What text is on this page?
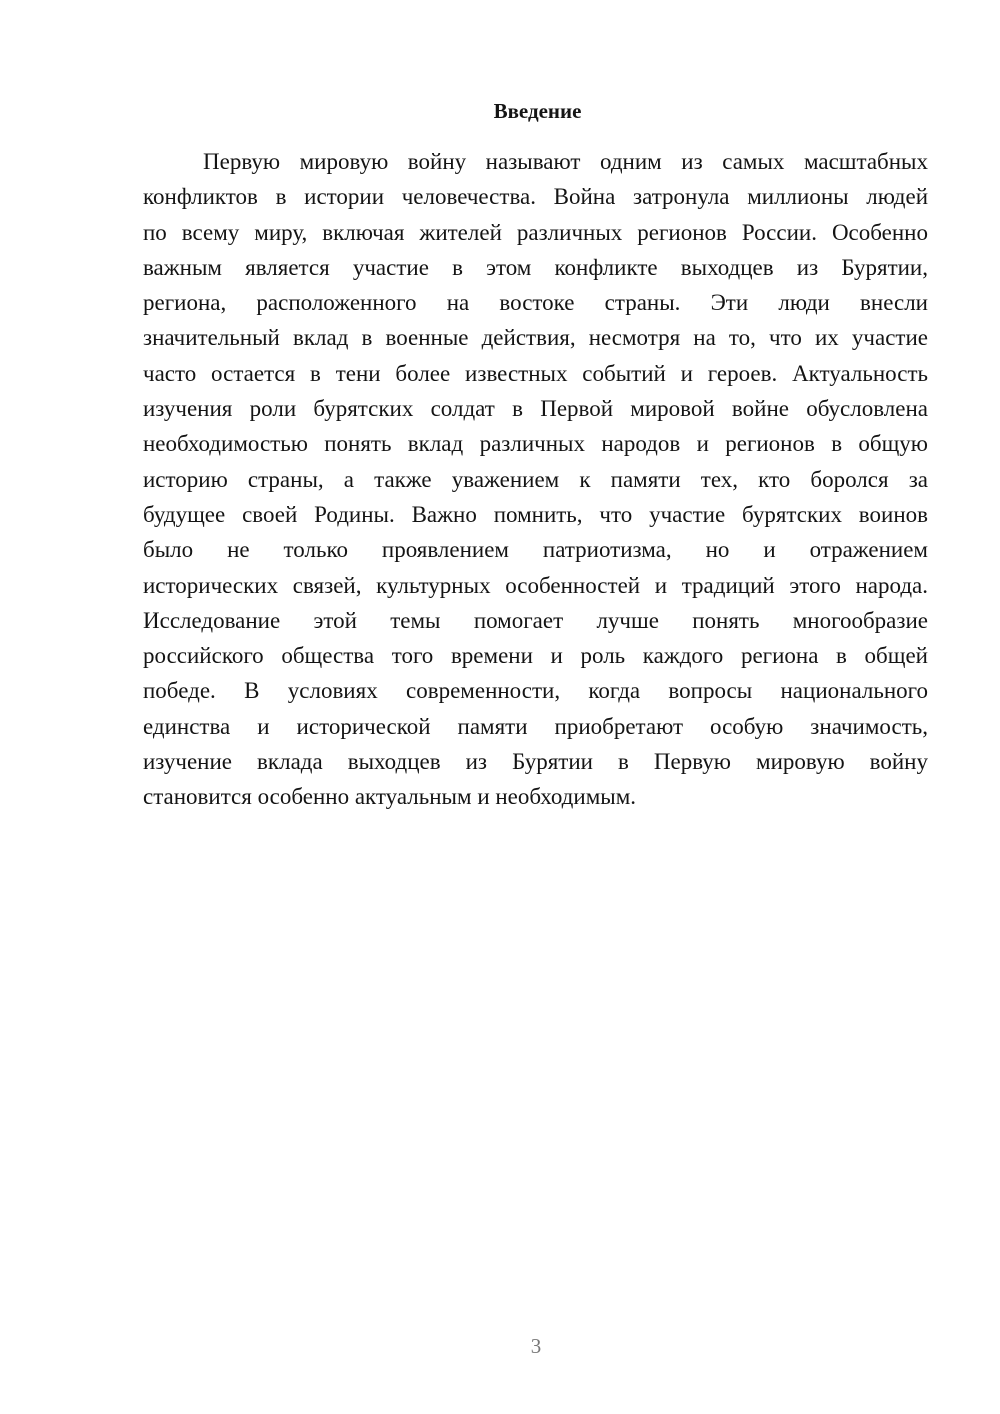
Введение
Первую мировую войну называют одним из самых масштабных
конфликтов в истории человечества. Война затронула миллионы людей
по всему миру, включая жителей различных регионов России. Особенно
важным является участие в этом конфликте выходцев из Бурятии,
региона, расположенного на востоке страны. Эти люди внесли
значительный вклад в военные действия, несмотря на то, что их участие
часто остается в тени более известных событий и героев. Актуальность
изучения роли бурятских солдат в Первой мировой войне обусловлена
необходимостью понять вклад различных народов и регионов в общую
историю страны, а также уважением к памяти тех, кто боролся за
будущее своей Родины. Важно помнить, что участие бурятских воинов
было не только проявлением патриотизма, но и отражением
исторических связей, культурных особенностей и традиций этого народа.
Исследование этой темы помогает лучше понять многообразие
российского общества того времени и роль каждого региона в общей
победе. В условиях современности, когда вопросы национального
единства и исторической памяти приобретают особую значимость,
изучение вклада выходцев из Бурятии в Первую мировую войну
становится особенно актуальным и необходимым.
3
